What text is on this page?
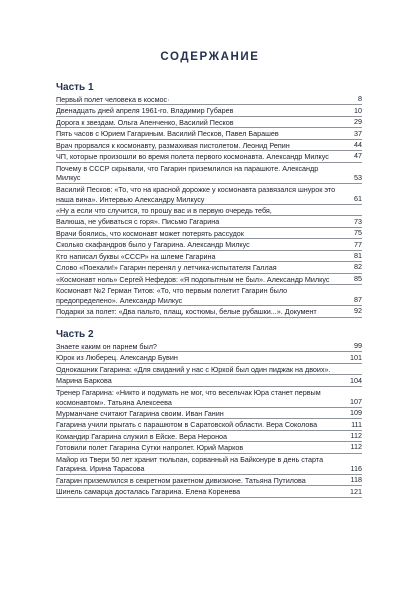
СОДЕРЖАНИЕ
Часть 1
Первый полет человека в космос·	8
Двенадцать дней апреля 1961-го. Владимир Губарев	10
Дорога к звездам. Ольга Апенченко, Василий Песков	29
Пять часов с Юрием Гагариным. Василий Песков, Павел Барашев	37
Врач прорвался к космонавту, размахивая пистолетом. Леонид Репин	44
ЧП, которые произошли во время полета первого космонавта. Александр Милкус	47
Почему в СССР скрывали, что Гагарин приземлился на парашюте. Александр Милкус	53
Василий Песков: «То, что на красной дорожке у космонавта развязался шнурок это наша вина». Интервью Александру Милкусу	61
«Ну а если что случится, то прошу вас и в первую очередь тебя,
Валюша, не убиваться с горя». Письмо Гагарина	73
Врачи боялись, что космонавт может потерять рассудок	75
Сколько скафандров было у Гагарина. Александр Милкус	77
Кто написал буквы «СССР» на шлеме Гагарина	81
Слово «Поехали!» Гагарин перенял у летчика-испытателя Галлая	82
«Космонавт ноль» Сергей Нефедов: «Я подопытным не был». Александр Милкус	85
Космонавт №2 Герман Титов: «То, что первым полетит Гагарин было предопределено». Александр Милкус	87
Подарки за полет: «Два пальто, плащ, костюмы, белые рубашки...». Документ	92
Часть 2
Знаете каким он парнем был?	99
Юрок из Люберец. Александр Бувин	101
Однокашник Гагарина: «Для свиданий у нас с Юркой был один пиджак на двоих».
Марина Баркова	104
Тренер Гагарина: «Никто и подумать не мог, что весельчак Юра станет первым космонавтом». Татьяна Алексеева	107
Мурманчане считают Гагарина своим. Иван Ганин	109
Гагарина учили прыгать с парашютом в Саратовской области. Вера Соколова	111
Командир Гагарина служил в Ейске. Вера Нероноа	112
Готовили полет Гагарина Сутки напролет. Юрий Марков	112
Майор из Твери 50 лет хранит тюльпан, сорванный на Байконуре в день старта Гагарина. Ирина Тарасова	116
Гагарин приземлился в секретном ракетном дивизионе. Татьяна Путилова	118
Шинель самарца досталась Гагарина. Елена Коренева	121
